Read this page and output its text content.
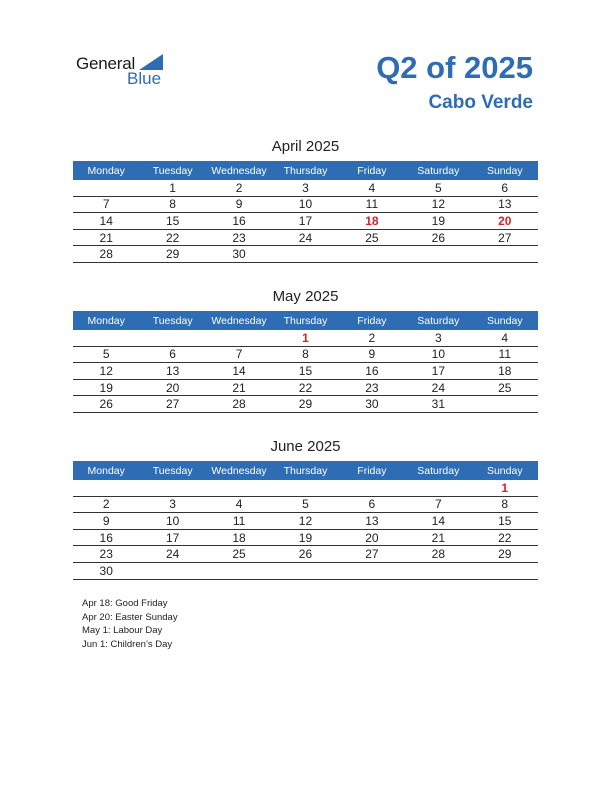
General
Blue	Q2 of 2025
Cabo Verde
April 2025
Monday	Tuesday	Wednesday	Thursday	Friday	Saturday	Sunday
	1	2	3	4	5	6
7	8	9	10	11	12	13
14	15	16	17	18	19	20
21	22	23	24	25	26	27
28	29	30				
May 2025
Monday	Tuesday	Wednesday	Thursday	Friday	Saturday	Sunday
			1	2	3	4
5	6	7	8	9	10	11
12	13	14	15	16	17	18
19	20	21	22	23	24	25
26	27	28	29	30	31	
June 2025
Monday	Tuesday	Wednesday	Thursday	Friday	Saturday	Sunday
						1
2	3	4	5	6	7	8
9	10	11	12	13	14	15
16	17	18	19	20	21	22
23	24	25	26	27	28	29
30						
Apr 18: Good Friday
Apr 20: Easter Sunday
May 1: Labour Day
Jun 1: Children’s Day
